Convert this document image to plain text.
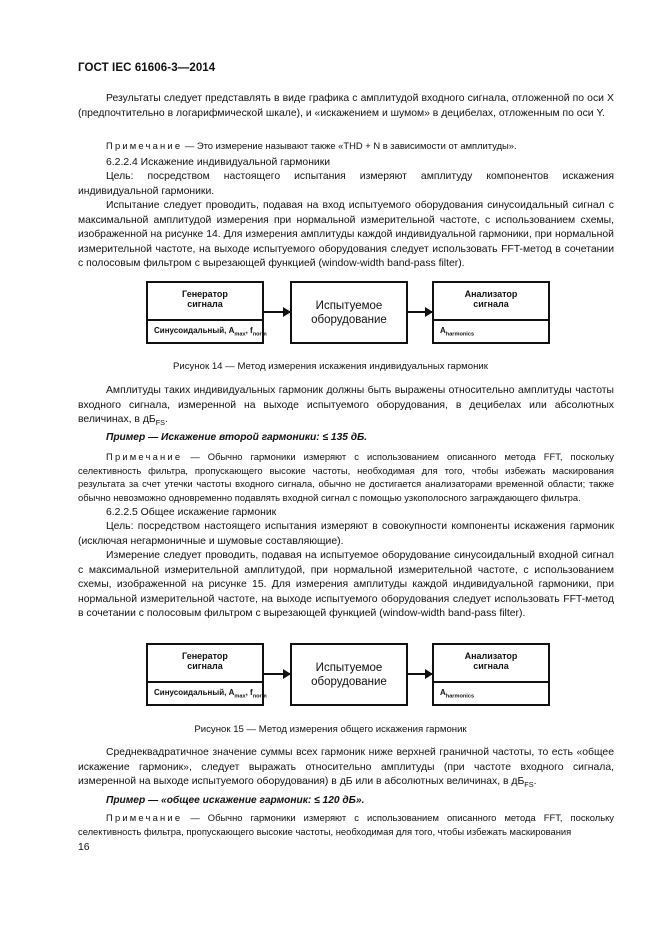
ГОСТ IEC 61606-3—2014

Результаты следует представлять в виде графика с амплитудой входного сигнала, отложенной по оси X (предпочтительно в логарифмической шкале), и «искажением и шумом» в децибелах, отложенным по оси Y.

Примечание — Это измерение называют также «THD + N в зависимости от амплитуды».

6.2.2.4 Искажение индивидуальной гармоники

Цель: посредством настоящего испытания измеряют амплитуду компонентов искажения индивидуальной гармоники.

Испытание следует проводить, подавая на вход испытуемого оборудования синусоидальный сигнал с максимальной амплитудой измерения при нормальной измерительной частоте, с использованием схемы, изображенной на рисунке 14. Для измерения амплитуды каждой индивидуальной гармоники, при нормальной измерительной частоте, на выходе испытуемого оборудования следует использовать FFT-метод в сочетании с полосовым фильтром с вырезающей функцией (window-width band-pass filter).

Генератор
сигнала
Синусоидальный, $A_{max}$, $f_{norm}$
Испытуемое
оборудование
Анализатор
сигнала
$A_{harmonics}$
Рисунок 14 — Метод измерения искажения индивидуальных гармоник

Амплитуды таких индивидуальных гармоник должны быть выражены относительно амплитуды частоты входного сигнала, измеренной на выходе испытуемого оборудования, в децибелах или абсолютных величинах, в $дБ_{FS}$.

Пример — Искажение второй гармоники: ≤ 135 дБ.

Примечание — Обычно гармоники измеряют с использованием описанного метода FFT, поскольку селективность фильтра, пропускающего высокие частоты, необходимая для того, чтобы избежать маскирования результата за счет утечки частоты входного сигнала, обычно не достигается анализаторами временной области; также обычно невозможно одновременно подавлять входной сигнал с помощью узкополосного заграждающего фильтра.

6.2.2.5 Общее искажение гармоник

Цель: посредством настоящего испытания измеряют в совокупности компоненты искажения гармоник (исключая негармоничные и шумовые составляющие).

Измерение следует проводить, подавая на испытуемое оборудование синусоидальный входной сигнал с максимальной измерительной амплитудой, при нормальной измерительной частоте, с использованием схемы, изображенной на рисунке 15. Для измерения амплитуды каждой индивидуальной гармоники, при нормальной измерительной частоте, на выходе испытуемого оборудования следует использовать FFT-метод в сочетании с полосовым фильтром с вырезающей функцией (window-width band-pass filter).

Генератор
сигнала
Синусоидальный, $A_{max}$, $f_{norm}$
Испытуемое
оборудование
Анализатор
сигнала
$A_{harmonics}$
Рисунок 15 — Метод измерения общего искажения гармоник

Среднеквадратичное значение суммы всех гармоник ниже верхней граничной частоты, то есть «общее искажение гармоник», следует выражать относительно амплитуды (при частоте входного сигнала, измеренной на выходе испытуемого оборудования) в дБ или в абсолютных величинах, в $дБ_{FS}$.

Пример — «общее искажение гармоник: ≤ 120 дБ».

Примечание — Обычно гармоники измеряют с использованием описанного метода FFT, поскольку селективность фильтра, пропускающего высокие частоты, необходимая для того, чтобы избежать маскирования

16
